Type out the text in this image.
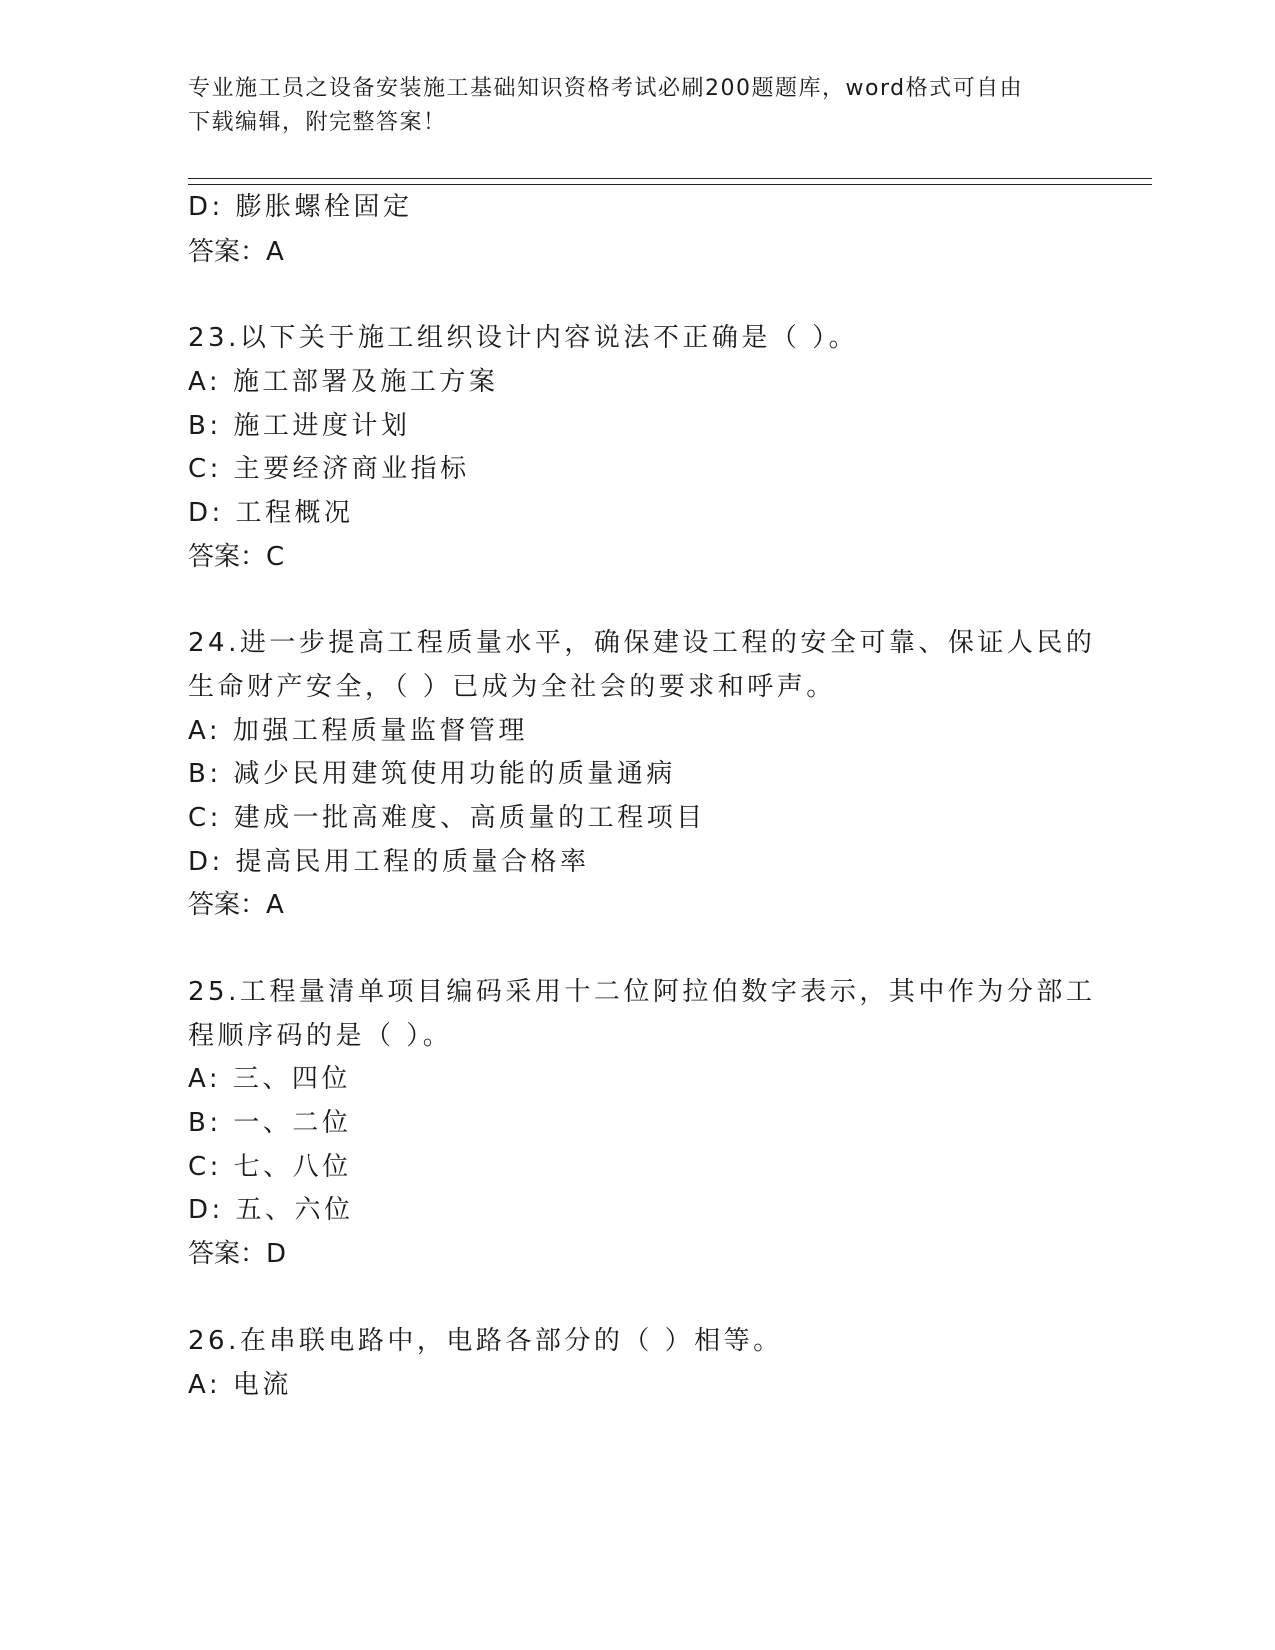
专业施工员之设备安装施工基础知识资格考试必刷200题题库，word格式可自由
下载编辑，附完整答案！
D: 膨胀螺栓固定
答案：A
23.以下关于施工组织设计内容说法不正确是（ ）。
A: 施工部署及施工方案
B: 施工进度计划
C: 主要经济商业指标
D: 工程概况
答案：C
24.进一步提高工程质量水平，确保建设工程的安全可靠、保证人民的
生命财产安全，（ ）已成为全社会的要求和呼声。
A: 加强工程质量监督管理
B: 减少民用建筑使用功能的质量通病
C: 建成一批高难度、高质量的工程项目
D: 提高民用工程的质量合格率
答案：A
25.工程量清单项目编码采用十二位阿拉伯数字表示，其中作为分部工
程顺序码的是（ ）。
A: 三、四位
B: 一、二位
C: 七、八位
D: 五、六位
答案：D
26.在串联电路中，电路各部分的（ ）相等。
A: 电流
